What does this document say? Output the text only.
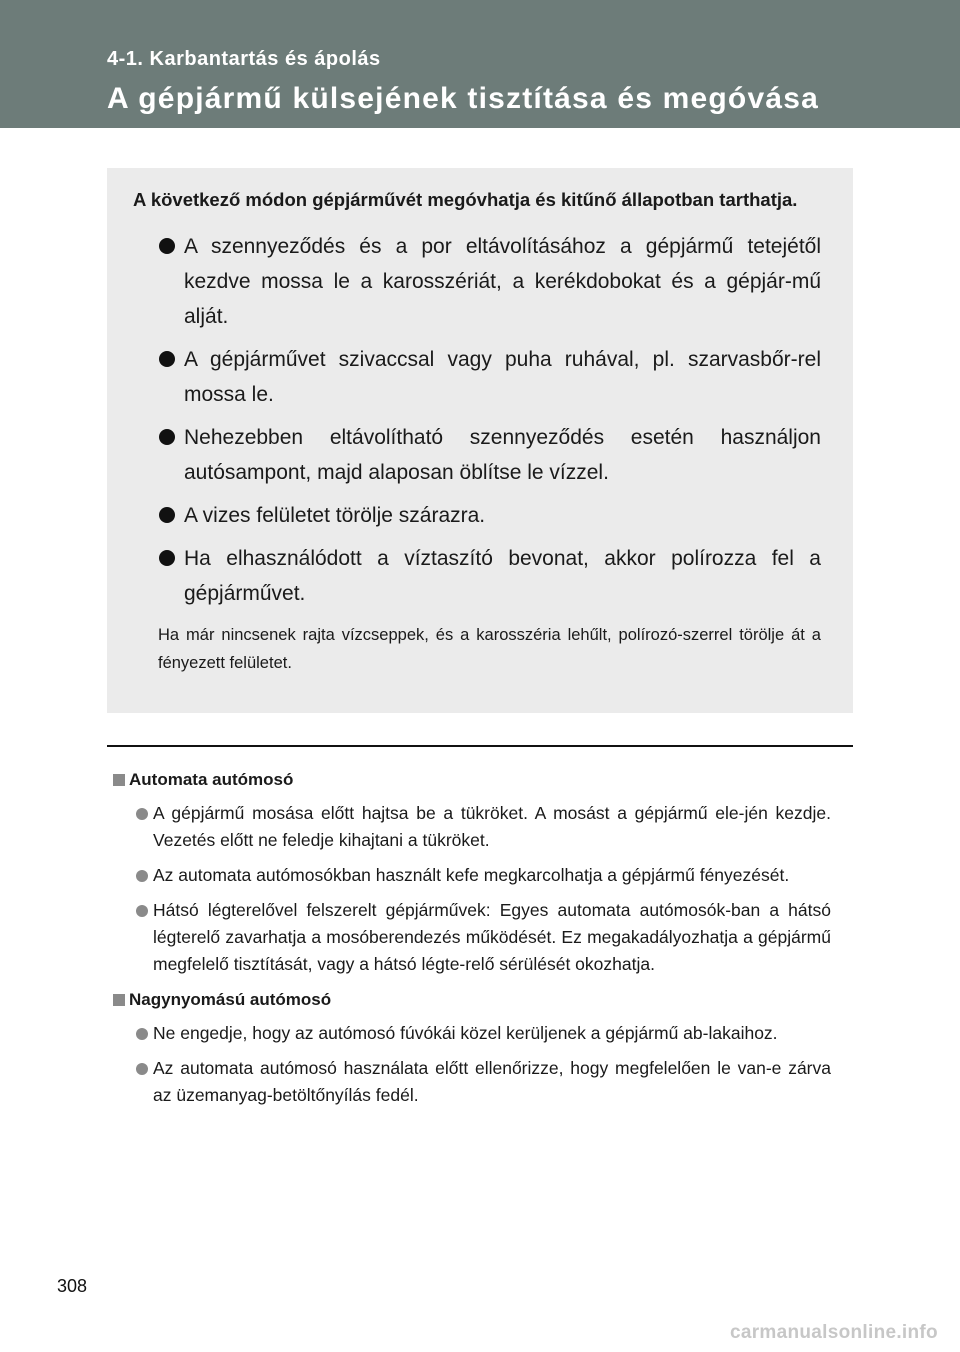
4-1. Karbantartás és ápolás
A gépjármű külsejének tisztítása és megóvása

A következő módon gépjárművét megóvhatja és kitűnő állapotban tarthatja.

A szennyeződés és a por eltávolításához a gépjármű tetejétől kezdve mossa le a karosszériát, a kerékdobokat és a gépjár-mű alját.
A gépjárművet szivaccsal vagy puha ruhával, pl. szarvasbőr-rel mossa le.
Nehezebben eltávolítható szennyeződés esetén használjon autósampont, majd alaposan öblítse le vízzel.
A vizes felületet törölje szárazra.
Ha elhasználódott a víztaszító bevonat, akkor polírozza fel a gépjárművet.
Ha már nincsenek rajta vízcseppek, és a karosszéria lehűlt, polírozó-szerrel törölje át a fényezett felületet.
Automata autómosó
A gépjármű mosása előtt hajtsa be a tükröket. A mosást a gépjármű ele-jén kezdje. Vezetés előtt ne feledje kihajtani a tükröket.
Az automata autómosókban használt kefe megkarcolhatja a gépjármű fényezését.
Hátsó légterelővel felszerelt gépjárművek: Egyes automata autómosók-ban a hátsó légterelő zavarhatja a mosóberendezés működését. Ez megakadályozhatja a gépjármű megfelelő tisztítását, vagy a hátsó légte-relő sérülését okozhatja.
Nagynyomású autómosó
Ne engedje, hogy az autómosó fúvókái közel kerüljenek a gépjármű ab-lakaihoz.
Az automata autómosó használata előtt ellenőrizze, hogy megfelelően le van-e zárva az üzemanyag-betöltőnyílás fedél.
308
carmanualsonline.info
